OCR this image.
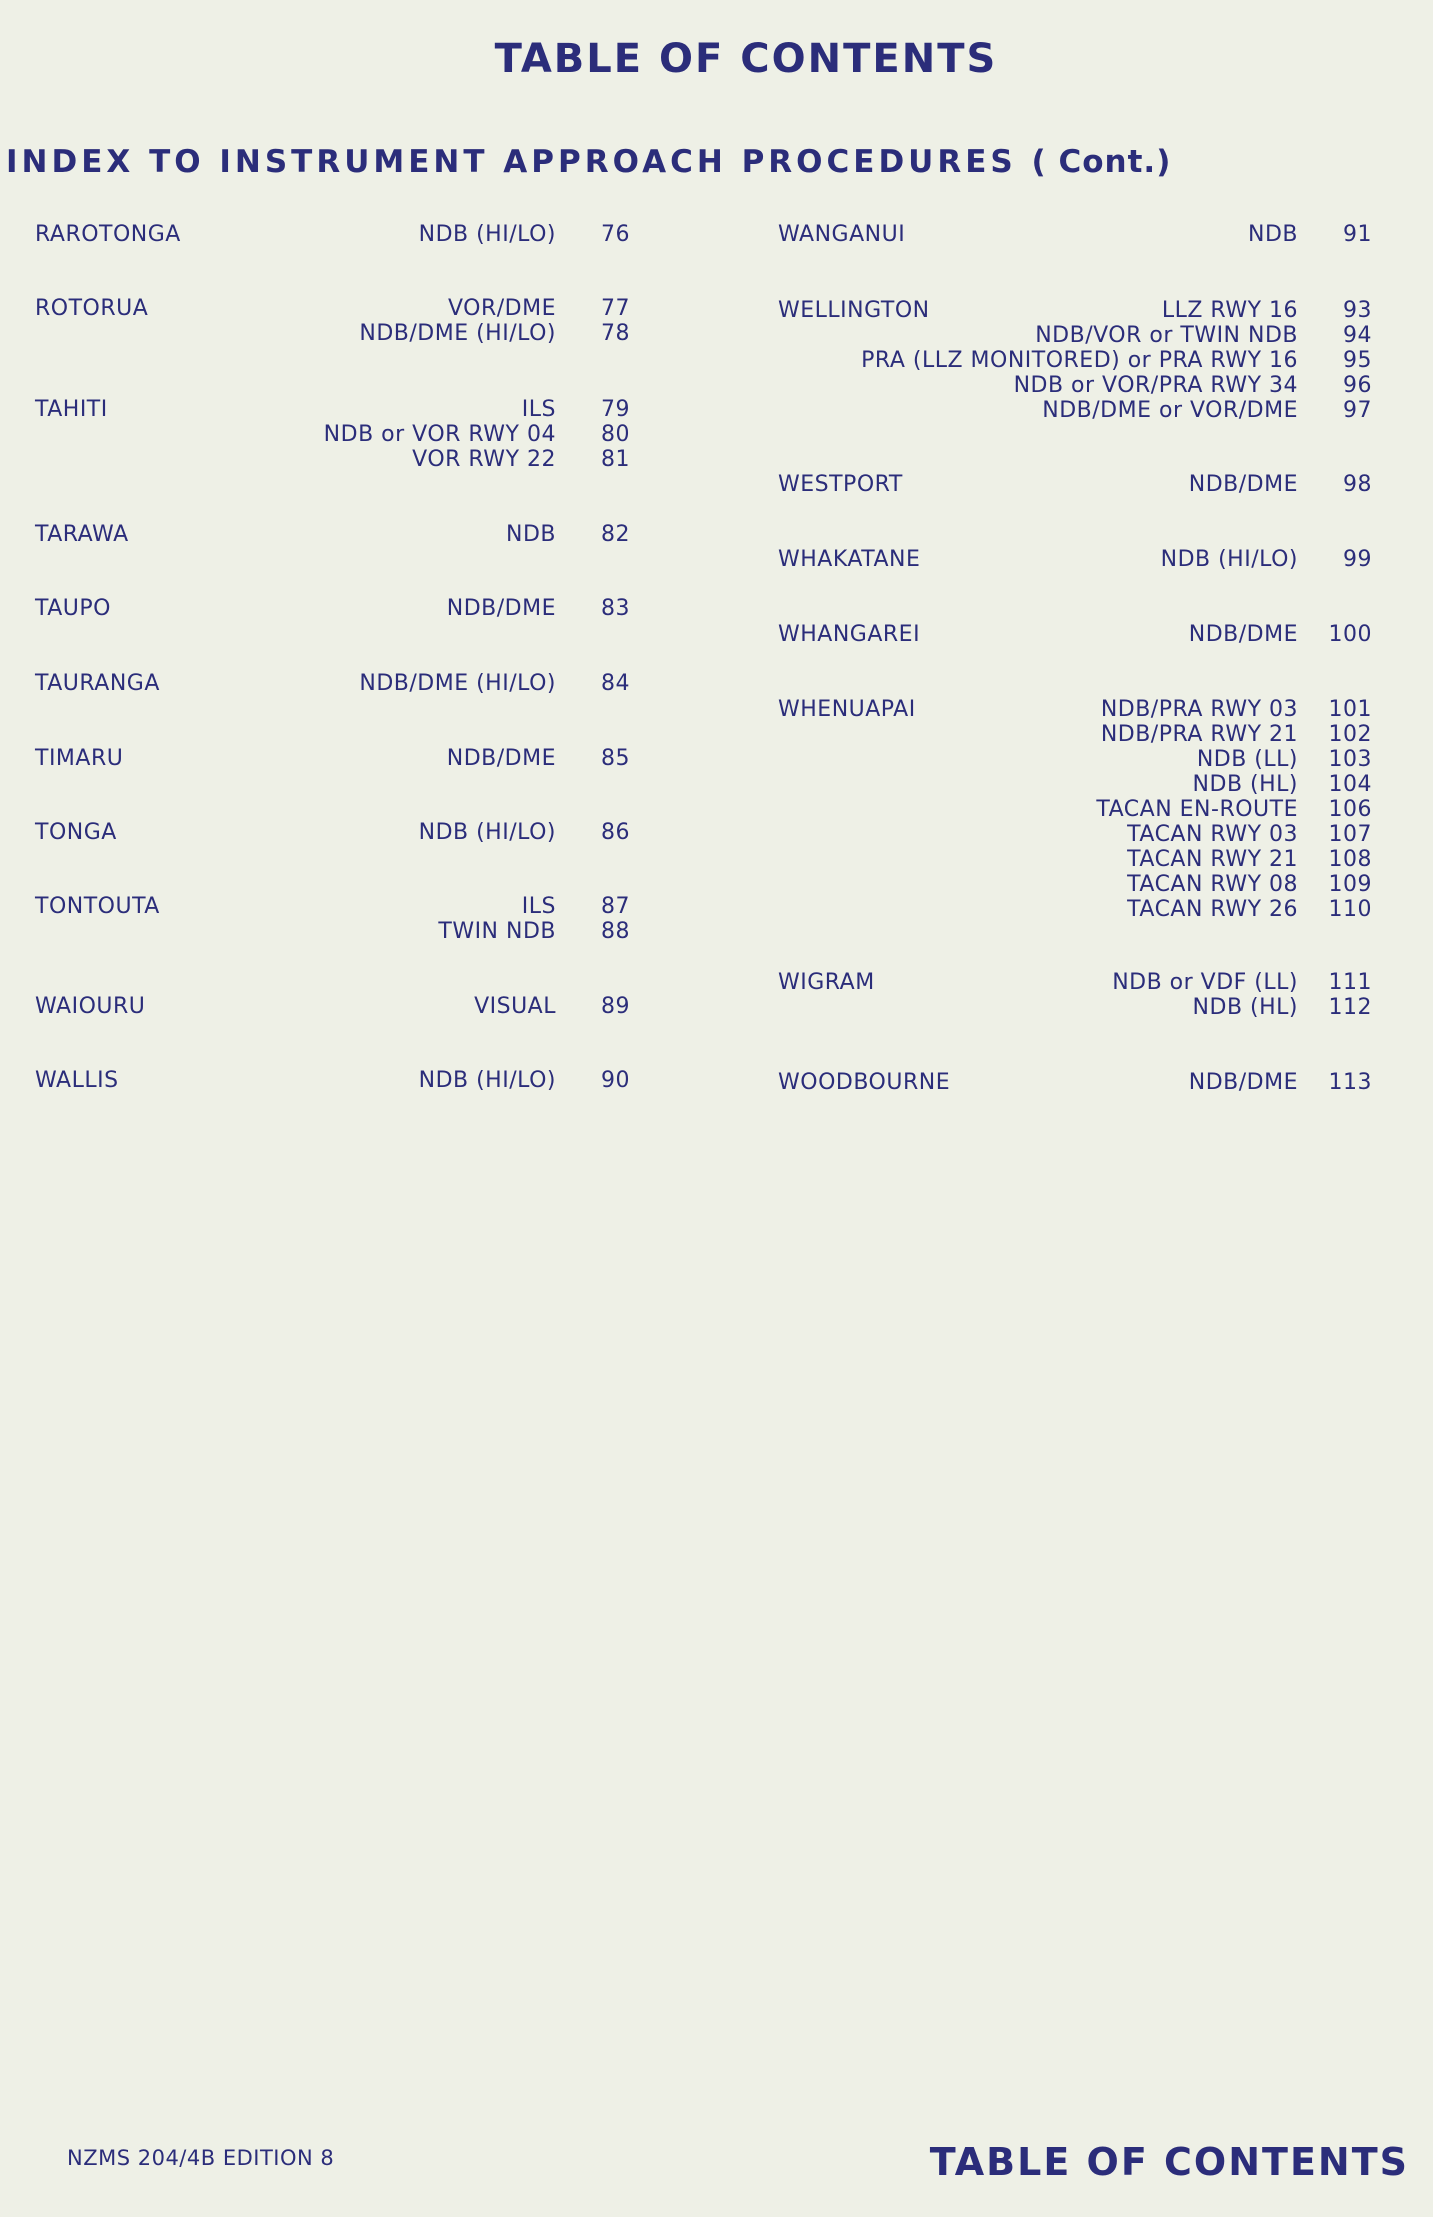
TABLE OF CONTENTS
INDEX TO INSTRUMENT APPROACH PROCEDURES ( Cont.)
RAROTONGA	NDB (HI/LO)	76
ROTORUA	VOR/DME	77
NDB/DME (HI/LO)	78
TAHITI	ILS	79
NDB or VOR RWY 04	80
VOR RWY 22	81
TARAWA	NDB	82
TAUPO	NDB/DME	83
TAURANGA	NDB/DME (HI/LO)	84
TIMARU	NDB/DME	85
TONGA	NDB (HI/LO)	86
TONTOUTA	ILS	87
TWIN NDB	88
WAIOURU	VISUAL	89
WALLIS	NDB (HI/LO)	90
WANGANUI	NDB	91
WELLINGTON	LLZ RWY 16	93
NDB/VOR or TWIN NDB	94
PRA (LLZ MONITORED) or PRA RWY 16	95
NDB or VOR/PRA RWY 34	96
NDB/DME or VOR/DME	97
WESTPORT	NDB/DME	98
WHAKATANE	NDB (HI/LO)	99
WHANGAREI	NDB/DME	100
WHENUAPAI	NDB/PRA RWY 03	101
NDB/PRA RWY 21	102
NDB (LL)	103
NDB (HL)	104
TACAN EN-ROUTE	106
TACAN RWY 03	107
TACAN RWY 21	108
TACAN RWY 08	109
TACAN RWY 26	110
WIGRAM	NDB or VDF (LL)	111
NDB (HL)	112
WOODBOURNE	NDB/DME	113
NZMS 204/4B EDITION 8	TABLE OF CONTENTS
